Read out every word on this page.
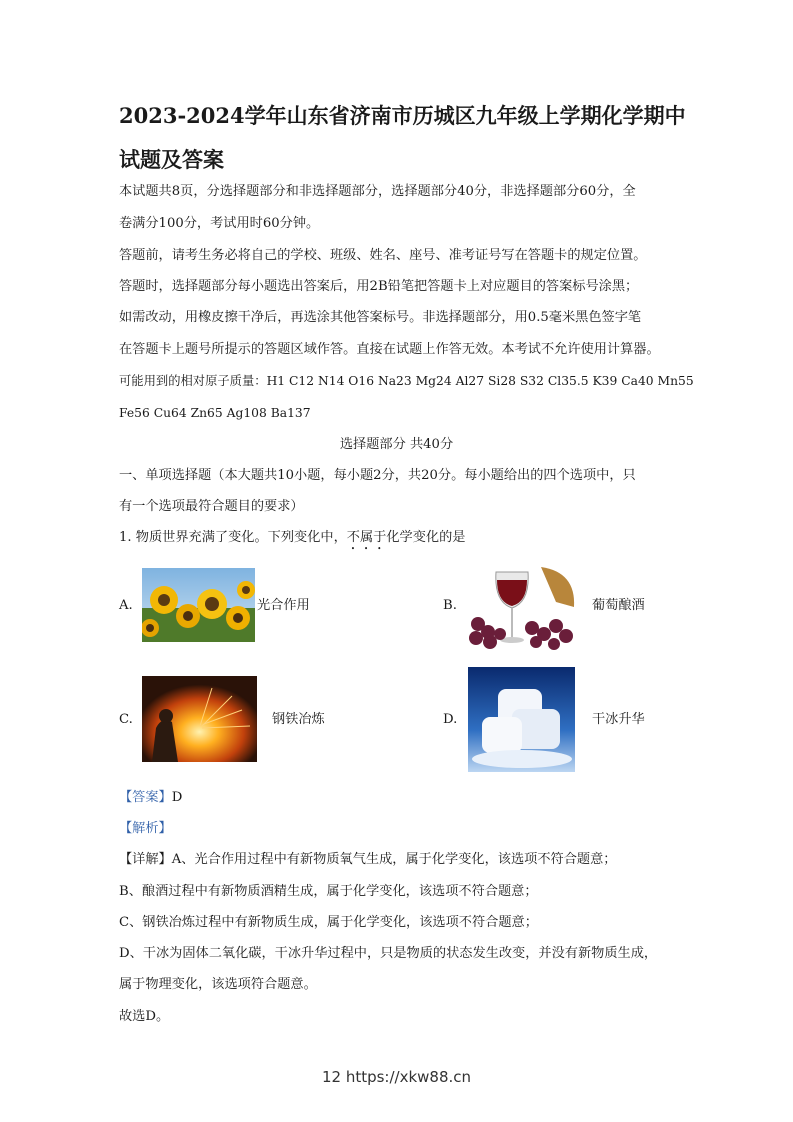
2023-2024学年山东省济南市历城区九年级上学期化学期中
试题及答案
本试题共8页，分选择题部分和非选择题部分，选择题部分40分，非选择题部分60分，全
卷满分100分，考试用时60分钟。
答题前，请考生务必将自己的学校、班级、姓名、座号、准考证号写在答题卡的规定位置。
答题时，选择题部分每小题选出答案后，用2B铅笔把答题卡上对应题目的答案标号涂黑；
如需改动，用橡皮擦干净后，再选涂其他答案标号。非选择题部分，用0.5毫米黑色签字笔
在答题卡上题号所提示的答题区域作答。直接在试题上作答无效。本考试不允许使用计算器。
可能用到的相对原子质量：H1 C12 N14 O16 Na23 Mg24 Al27 Si28 S32 Cl35.5 K39 Ca40 Mn55
Fe56 Cu64 Zn65 Ag108 Ba137
选择题部分 共40分
一、单项选择题（本大题共10小题，每小题2分，共20分。每小题给出的四个选项中，只
有一个选项最符合题目的要求）
1. 物质世界充满了变化。下列变化中，不属于化学变化的是
A.	光合作用	B.	葡萄酿酒
C.	钢铁冶炼	D.	干冰升华
【答案】D
【解析】
【详解】A、光合作用过程中有新物质氧气生成，属于化学变化，该选项不符合题意；
B、酿酒过程中有新物质酒精生成，属于化学变化，该选项不符合题意；
C、钢铁冶炼过程中有新物质生成，属于化学变化，该选项不符合题意；
D、干冰为固体二氧化碳，干冰升华过程中，只是物质的状态发生改变，并没有新物质生成，
属于物理变化，该选项符合题意。
故选D。
12 https://xkw88.cn
